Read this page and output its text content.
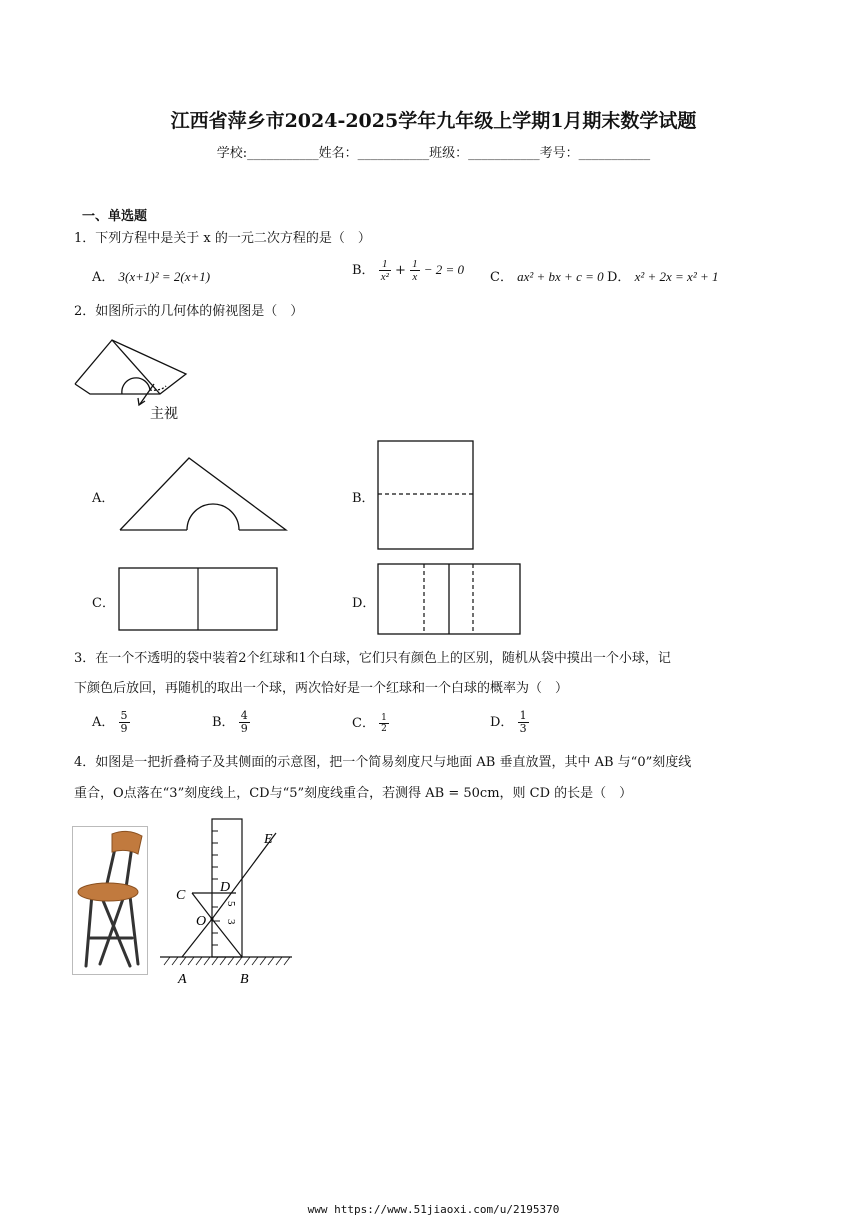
江西省萍乡市2024-2025学年九年级上学期1月期末数学试题
学校:___________姓名：___________班级：___________考号：___________
一、单选题
1．下列方程中是关于 x 的一元二次方程的是（　）
A． 3(x+1)² = 2(x+1)	B． $\frac{1}{\text{x²}} + \frac{1}{x} - 2 = 0$
C． ax² + bx + c = 0 D． x² + 2x = x² + 1
2．如图所示的几何体的俯视图是（　）
主视
A．	B．
C．	D．
3．在一个不透明的袋中装着2个红球和1个白球，它们只有颜色上的区别，随机从袋中摸出一个小球，记
下颜色后放回，再随机的取出一个球，两次恰好是一个红球和一个白球的概率为（　）
A． $\frac{5}{9}$	B． $\frac{4}{9}$	C． $\frac{1}{2}$	D． $\frac{1}{3}$
4．如图是一把折叠椅子及其侧面的示意图，把一个简易刻度尺与地面 AB 垂直放置，其中 AB 与“0”刻度线
重合，O点落在“3”刻度线上，CD与“5”刻度线重合，若测得 AB = 50cm，则 CD 的长是（　）
E
C
D
O
A	B
5
3
www https://www.51jiaoxi.com/u/2195370
